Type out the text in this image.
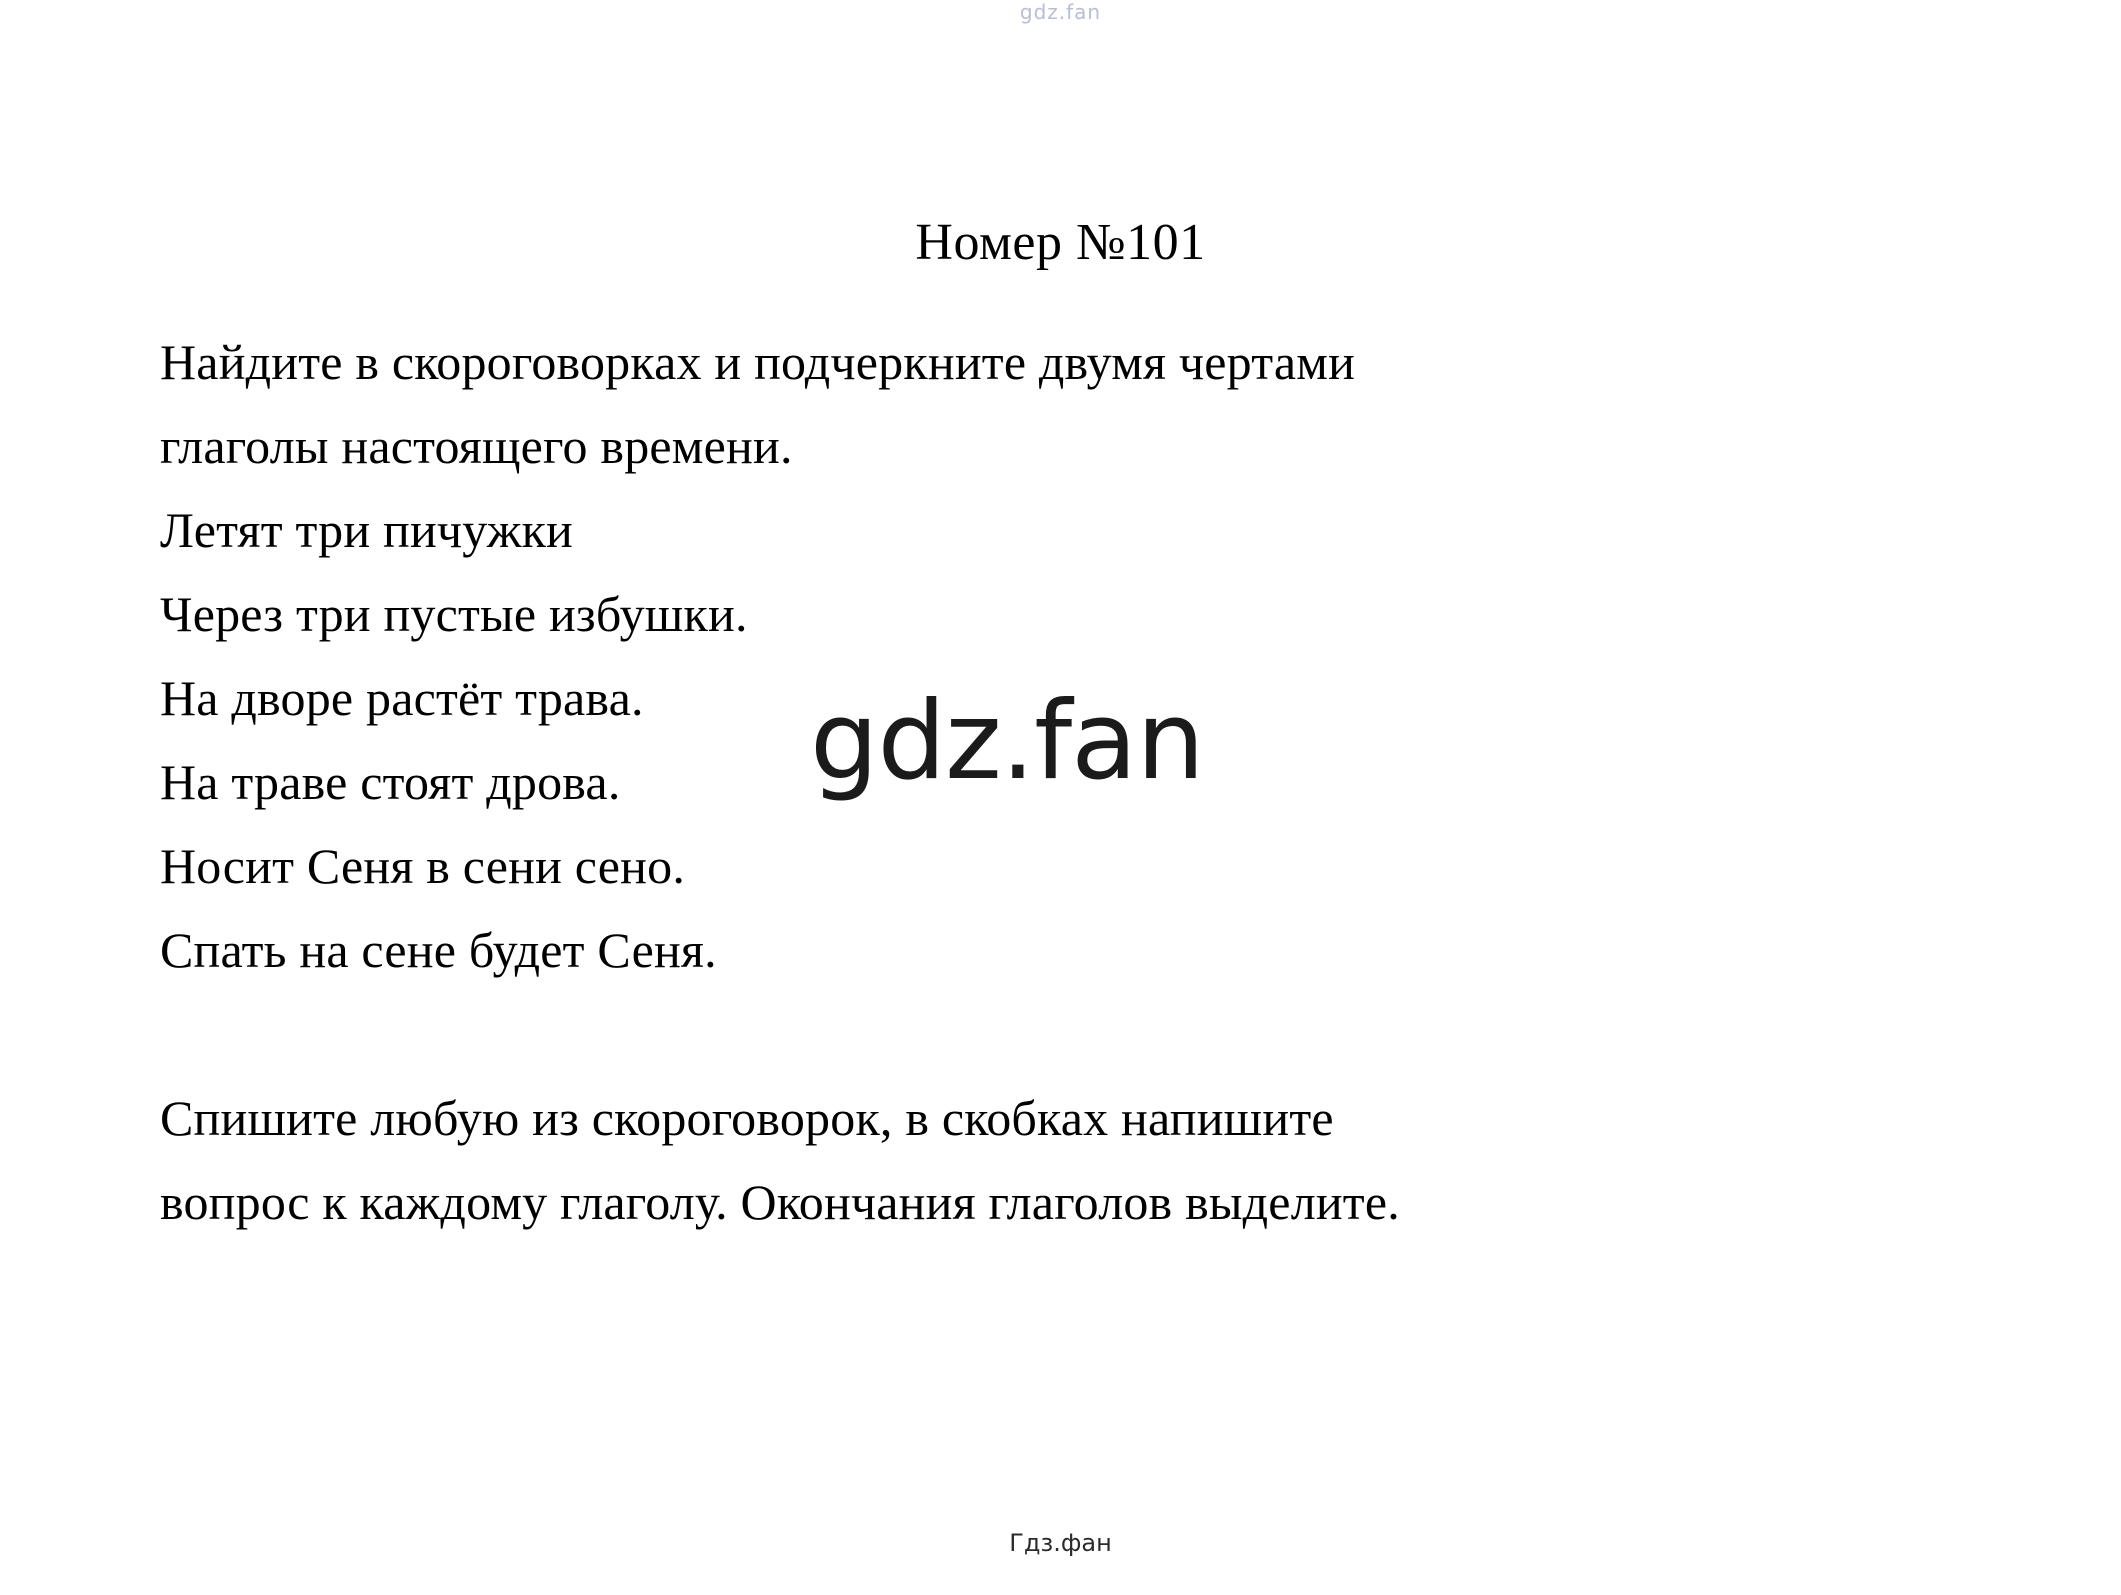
gdz.fan
Номер №101
Найдите в скороговорках и подчеркните двумя чертами
глаголы настоящего времени.
Летят три пичужки
Через три пустые избушки.
На дворе растёт трава.
На траве стоят дрова.
Носит Сеня в сени сено.
Спать на сене будет Сеня.
Спишите любую из скороговорок, в скобках напишите
вопрос к каждому глаголу. Окончания глаголов выделите.
gdz.fan
Гдз.фан
